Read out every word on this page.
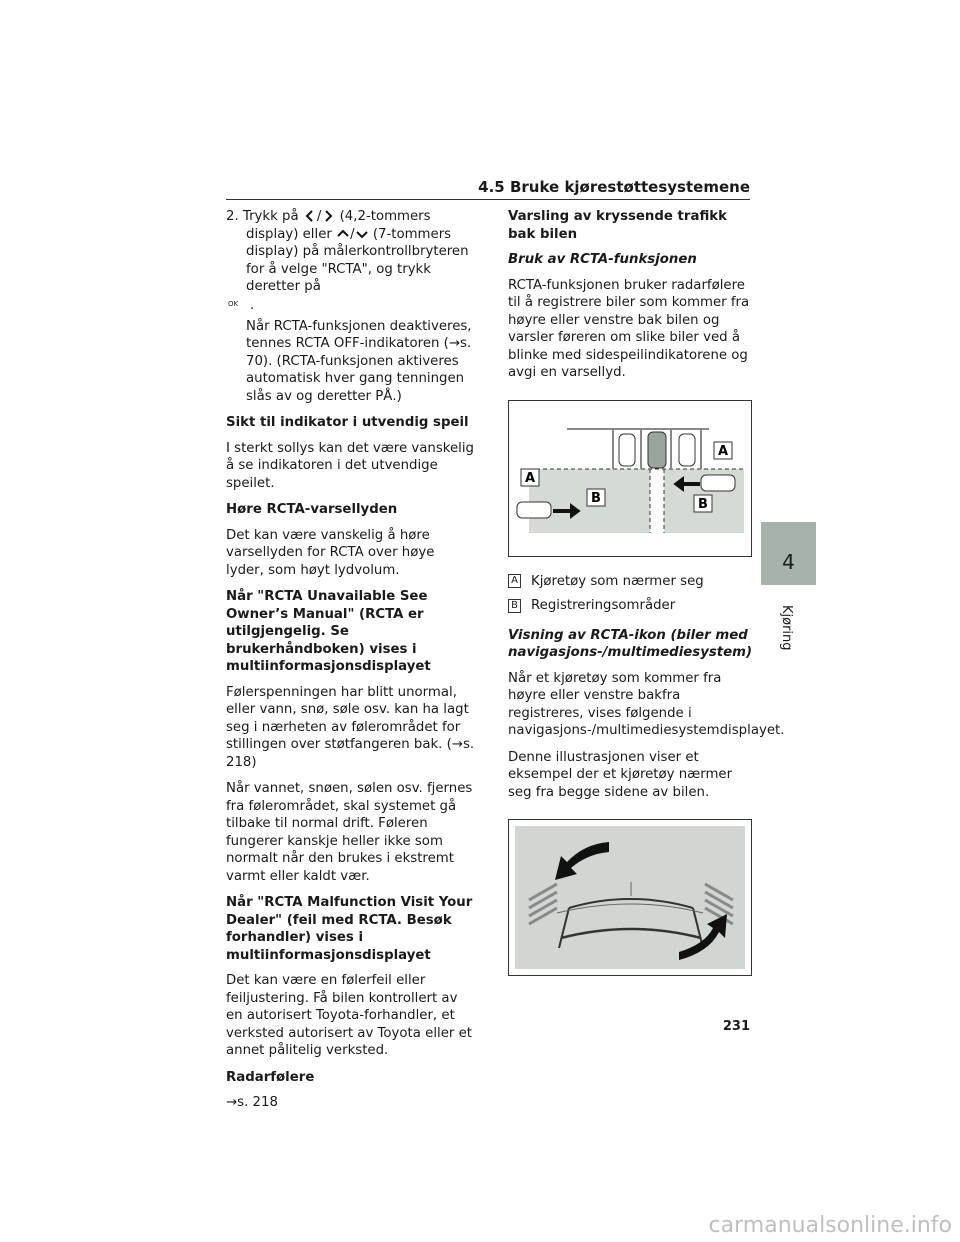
4.5 Bruke kjørestøttesystemene

2. Trykk på / (4,2-tommers display) eller / (7-tommers display) på målerkontrollbryteren for å velge "RCTA", og trykk deretter på
OK .

Når RCTA-funksjonen deaktiveres, tennes RCTA OFF-indikatoren (→s. 70). (RCTA-funksjonen aktiveres automatisk hver gang tenningen slås av og deretter PÅ.)

Sikt til indikator i utvendig speil

I sterkt sollys kan det være vanskelig å se indikatoren i det utvendige speilet.

Høre RCTA-varsellyden

Det kan være vanskelig å høre varsellyden for RCTA over høye lyder, som høyt lydvolum.

Når "RCTA Unavailable See Owner’s Manual" (RCTA er utilgjengelig. Se brukerhåndboken) vises i multiinformasjonsdisplayet

Følerspenningen har blitt unormal, eller vann, snø, søle osv. kan ha lagt seg i nærheten av følerområdet for stillingen over støtfangeren bak. (→s. 218)

Når vannet, snøen, sølen osv. fjernes fra følerområdet, skal systemet gå tilbake til normal drift. Føleren fungerer kanskje heller ikke som normalt når den brukes i ekstremt varmt eller kaldt vær.

Når "RCTA Malfunction Visit Your Dealer" (feil med RCTA. Besøk forhandler) vises i multiinformasjonsdisplayet

Det kan være en følerfeil eller feiljustering. Få bilen kontrollert av en autorisert Toyota-forhandler, et verksted autorisert av Toyota eller et annet pålitelig verksted.

Radarfølere

→s. 218

Varsling av kryssende trafikk bak bilen

Bruk av RCTA-funksjonen

RCTA-funksjonen bruker radarfølere til å registrere biler som kommer fra høyre eller venstre bak bilen og varsler føreren om slike biler ved å blinke med sidespeilindikatorene og avgi en varsellyd.

A
A
B	B
A Kjøretøy som nærmer seg
B Registreringsområder

Visning av RCTA-ikon (biler med navigasjons-/multimediesystem)

Når et kjøretøy som kommer fra høyre eller venstre bakfra registreres, vises følgende i navigasjons-/multimediesystemdisplayet.

Denne illustrasjonen viser et eksempel der et kjøretøy nærmer seg fra begge sidene av bilen.

4
Kjøring
231
carmanualsonline.info
